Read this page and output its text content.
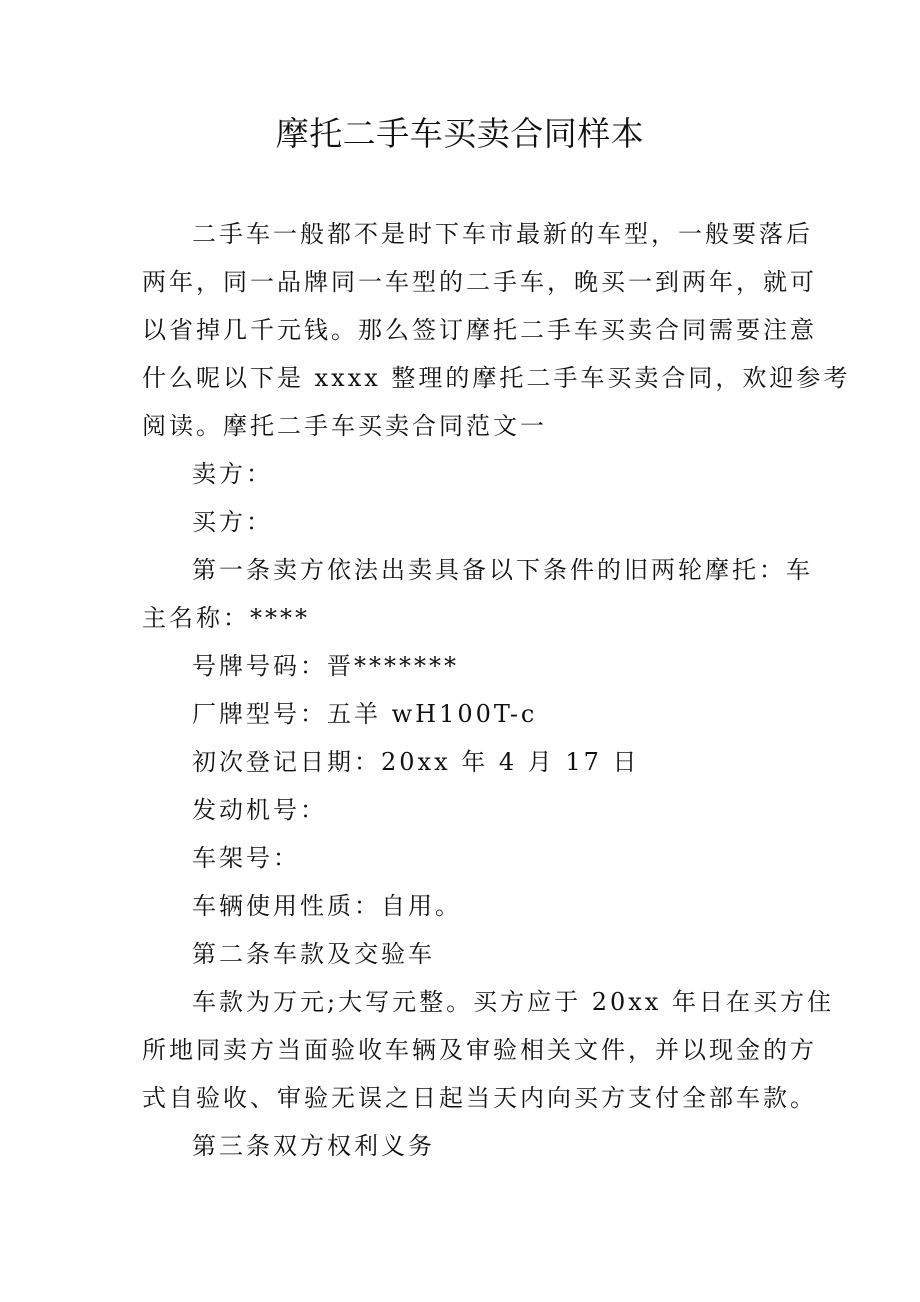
摩托二手车买卖合同样本

二手车一般都不是时下车市最新的车型，一般要落后
两年，同一品牌同一车型的二手车，晚买一到两年，就可
以省掉几千元钱。那么签订摩托二手车买卖合同需要注意
什么呢以下是 xxxx 整理的摩托二手车买卖合同，欢迎参考
阅读。摩托二手车买卖合同范文一

卖方：

买方：

第一条卖方依法出卖具备以下条件的旧两轮摩托：车
主名称：****

号牌号码：晋*******

厂牌型号：五羊 wH100T-c

初次登记日期：20xx 年 4 月 17 日

发动机号：

车架号：

车辆使用性质：自用。

第二条车款及交验车

车款为万元;大写元整。买方应于 20xx 年日在买方住
所地同卖方当面验收车辆及审验相关文件，并以现金的方
式自验收、审验无误之日起当天内向买方支付全部车款。

第三条双方权利义务
